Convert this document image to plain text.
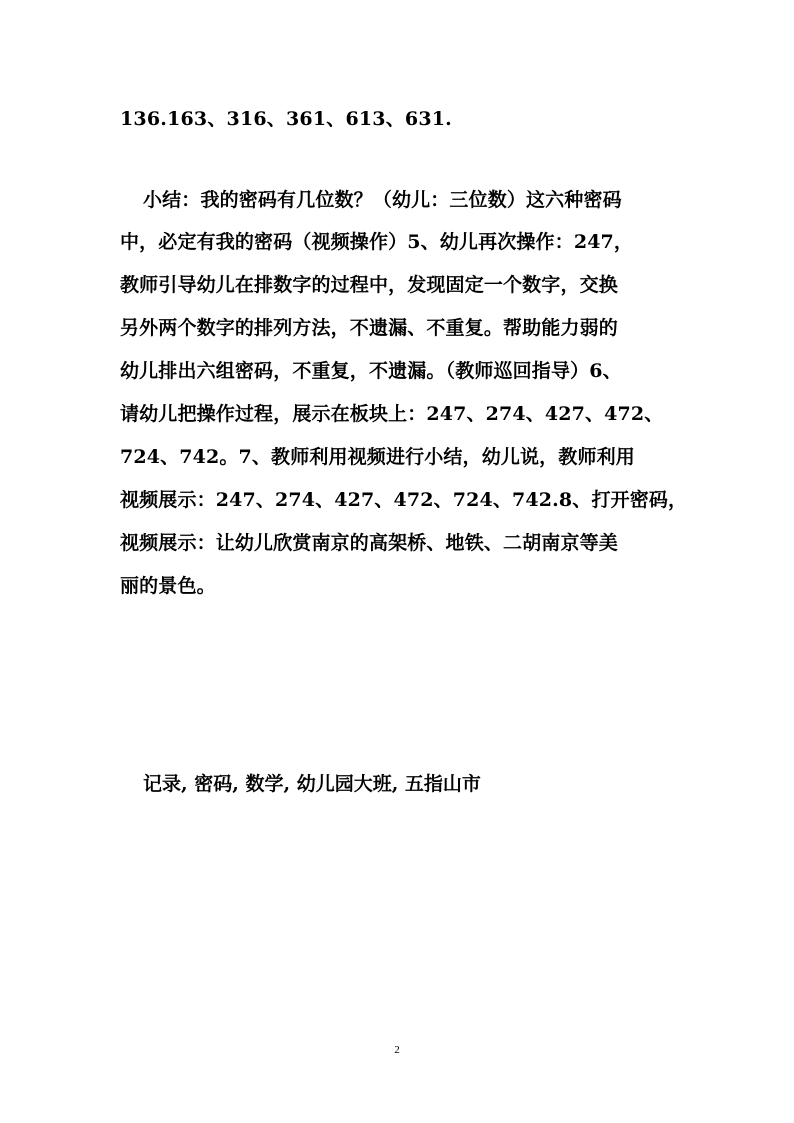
136.163、316、361、613、631.
小结：我的密码有几位数？（幼儿：三位数）这六种密码
中，必定有我的密码（视频操作）5、幼儿再次操作：247，
教师引导幼儿在排数字的过程中，发现固定一个数字，交换
另外两个数字的排列方法，不遗漏、不重复。帮助能力弱的
幼儿排出六组密码，不重复，不遗漏。（教师巡回指导）6、
请幼儿把操作过程，展示在板块上：247、274、427、472、
724、742。7、教师利用视频进行小结，幼儿说，教师利用
视频展示：247、274、427、472、724、742.8、打开密码，
视频展示：让幼儿欣赏南京的高架桥、地铁、二胡南京等美
丽的景色。
记录, 密码, 数学, 幼儿园大班, 五指山市
2
